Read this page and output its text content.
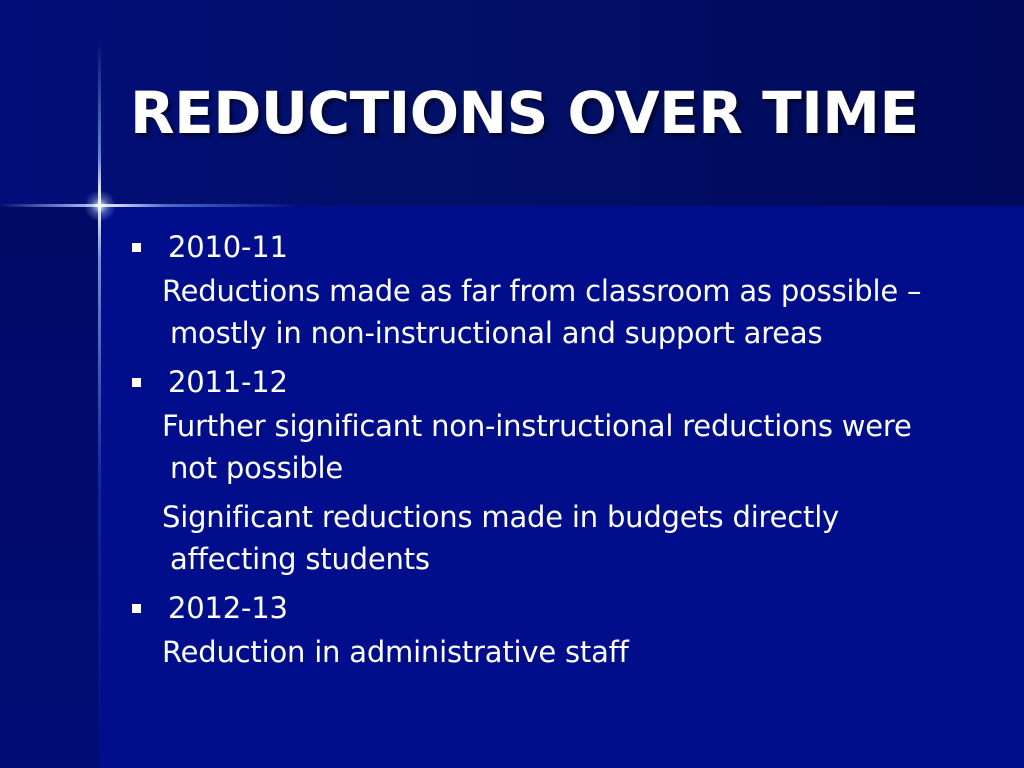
REDUCTIONS OVER TIME
2010-11
Reductions made as far from classroom as possible – mostly in non-instructional and support areas
2011-12
Further significant non-instructional reductions were not possible
Significant reductions made in budgets directly affecting students
2012-13
Reduction in administrative staff
